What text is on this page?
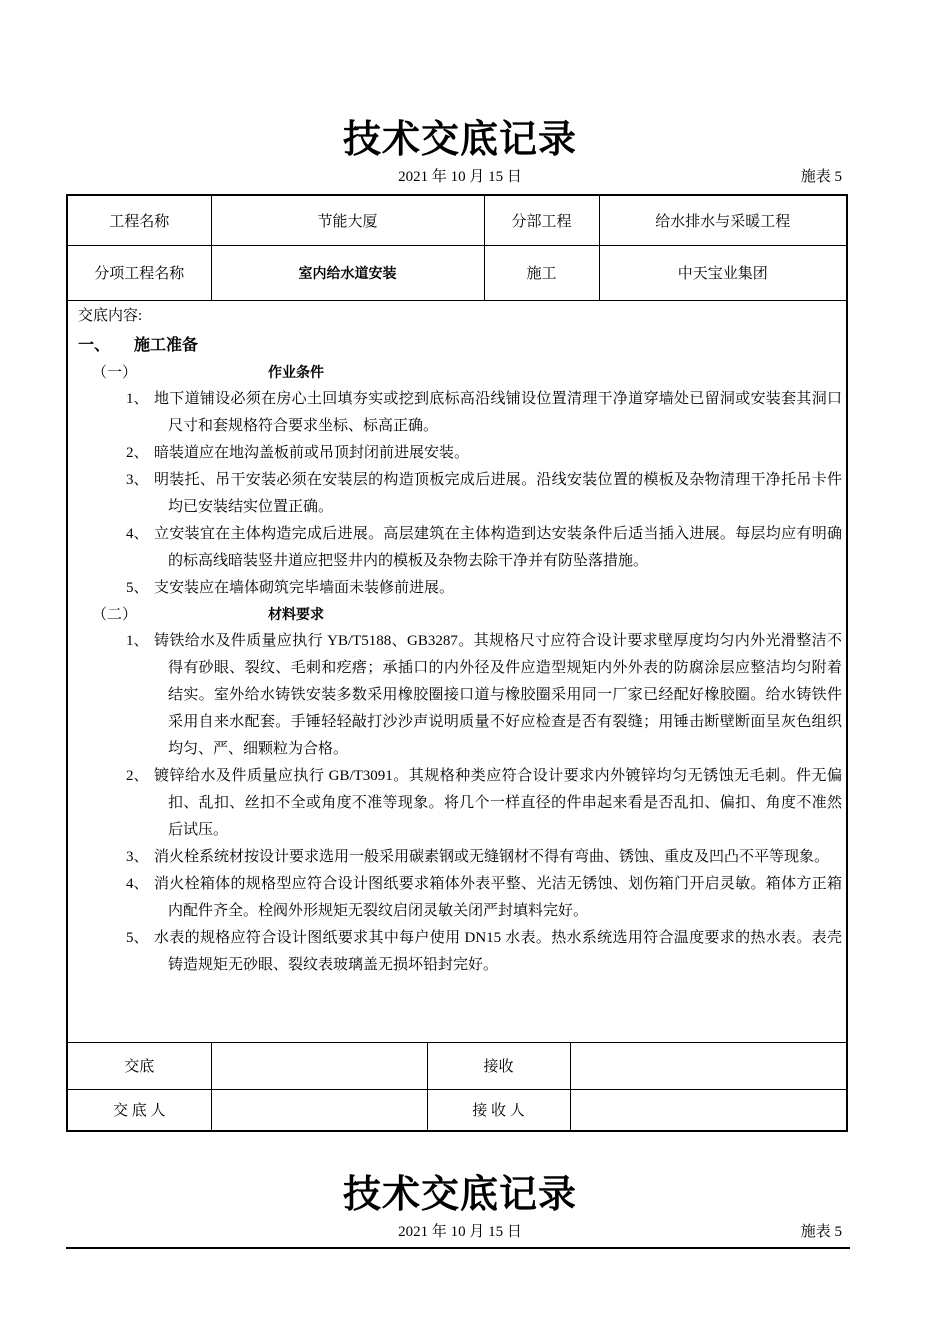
技术交底记录
2021 年 10 月 15 日	施表 5
工程名称	节能大厦	分部工程	给水排水与采暖工程
分项工程名称	室内给水道安装	施工	中天宝业集团
交底内容:
一、 施工准备
（一）	作业条件
1、 地下道铺设必须在房心土回填夯实或挖到底标高沿线铺设位置清理干净道穿墙处已留洞或安装套其洞口尺寸和套规格符合要求坐标、标高正确。
2、 暗装道应在地沟盖板前或吊顶封闭前进展安装。
3、 明装托、吊干安装必须在安装层的构造顶板完成后进展。沿线安装位置的模板及杂物清理干净托吊卡件均已安装结实位置正确。
4、 立安装宜在主体构造完成后进展。高层建筑在主体构造到达安装条件后适当插入进展。每层均应有明确的标高线暗装竖井道应把竖井内的模板及杂物去除干净并有防坠落措施。
5、 支安装应在墙体砌筑完毕墙面未装修前进展。
（二）	材料要求
1、 铸铁给水及件质量应执行 YB/T5188、GB3287。其规格尺寸应符合设计要求壁厚度均匀内外光滑整洁不得有砂眼、裂纹、毛刺和疙瘩；承插口的内外径及件应造型规矩内外外表的防腐涂层应整洁均匀附着结实。室外给水铸铁安装多数采用橡胶圈接口道与橡胶圈采用同一厂家已经配好橡胶圈。给水铸铁件采用自来水配套。手锤轻轻敲打沙沙声说明质量不好应检查是否有裂缝；用锤击断壁断面呈灰色组织均匀、严、细颗粒为合格。
2、 镀锌给水及件质量应执行 GB/T3091。其规格种类应符合设计要求内外镀锌均匀无锈蚀无毛刺。件无偏扣、乱扣、丝扣不全或角度不准等现象。将几个一样直径的件串起来看是否乱扣、偏扣、角度不准然后试压。
3、 消火栓系统材按设计要求选用一般采用碳素钢或无缝钢材不得有弯曲、锈蚀、重皮及凹凸不平等现象。
4、 消火栓箱体的规格型应符合设计图纸要求箱体外表平整、光洁无锈蚀、划伤箱门开启灵敏。箱体方正箱内配件齐全。栓阀外形规矩无裂纹启闭灵敏关闭严封填料完好。
5、 水表的规格应符合设计图纸要求其中每户使用 DN15 水表。热水系统选用符合温度要求的热水表。表壳铸造规矩无砂眼、裂纹表玻璃盖无损坏铅封完好。
交底		接收	
交 底 人		接 收 人	
技术交底记录
2021 年 10 月 15 日	施表 5
